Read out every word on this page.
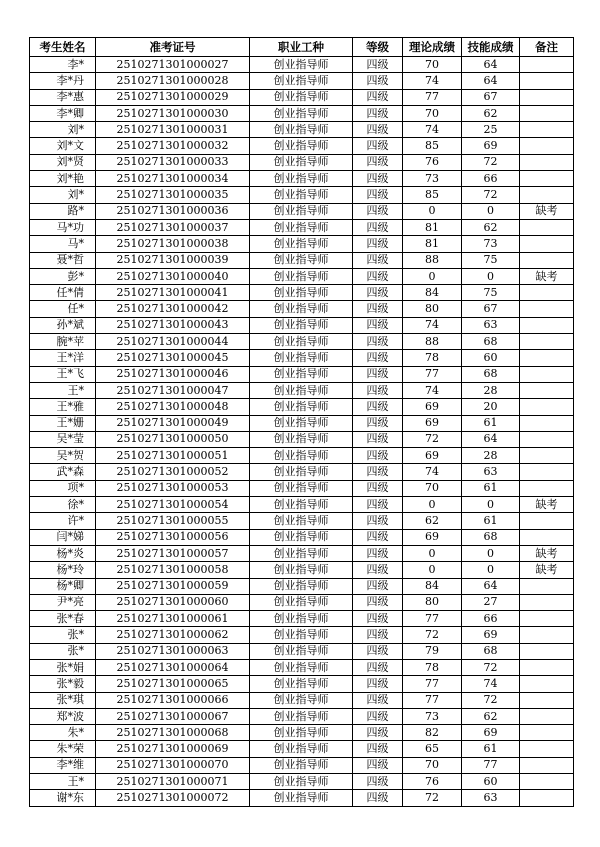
考生姓名	准考证号	职业工种	等级	理论成绩	技能成绩	备注
李*	2510271301000027	创业指导师	四级	70	64	
李*丹	2510271301000028	创业指导师	四级	74	64	
李*惠	2510271301000029	创业指导师	四级	77	67	
李*卿	2510271301000030	创业指导师	四级	70	62	
刘*	2510271301000031	创业指导师	四级	74	25	
刘*文	2510271301000032	创业指导师	四级	85	69	
刘*贤	2510271301000033	创业指导师	四级	76	72	
刘*艳	2510271301000034	创业指导师	四级	73	66	
刘*	2510271301000035	创业指导师	四级	85	72	
路*	2510271301000036	创业指导师	四级	0	0	缺考
马*功	2510271301000037	创业指导师	四级	81	62	
马*	2510271301000038	创业指导师	四级	81	73	
聂*哲	2510271301000039	创业指导师	四级	88	75	
彭*	2510271301000040	创业指导师	四级	0	0	缺考
任*倩	2510271301000041	创业指导师	四级	84	75	
任*	2510271301000042	创业指导师	四级	80	67	
孙*斌	2510271301000043	创业指导师	四级	74	63	
腕*苹	2510271301000044	创业指导师	四级	88	68	
王*洋	2510271301000045	创业指导师	四级	78	60	
王*飞	2510271301000046	创业指导师	四级	77	68	
王*	2510271301000047	创业指导师	四级	74	28	
王*雅	2510271301000048	创业指导师	四级	69	20	
王*姗	2510271301000049	创业指导师	四级	69	61	
吴*莹	2510271301000050	创业指导师	四级	72	64	
吴*贺	2510271301000051	创业指导师	四级	69	28	
武*森	2510271301000052	创业指导师	四级	74	63	
项*	2510271301000053	创业指导师	四级	70	61	
徐*	2510271301000054	创业指导师	四级	0	0	缺考
许*	2510271301000055	创业指导师	四级	62	61	
闫*娣	2510271301000056	创业指导师	四级	69	68	
杨*炎	2510271301000057	创业指导师	四级	0	0	缺考
杨*玲	2510271301000058	创业指导师	四级	0	0	缺考
杨*卿	2510271301000059	创业指导师	四级	84	64	
尹*亮	2510271301000060	创业指导师	四级	80	27	
张*春	2510271301000061	创业指导师	四级	77	66	
张*	2510271301000062	创业指导师	四级	72	69	
张*	2510271301000063	创业指导师	四级	79	68	
张*娟	2510271301000064	创业指导师	四级	78	72	
张*毅	2510271301000065	创业指导师	四级	77	74	
张*琪	2510271301000066	创业指导师	四级	77	72	
郑*波	2510271301000067	创业指导师	四级	73	62	
朱*	2510271301000068	创业指导师	四级	82	69	
朱*荣	2510271301000069	创业指导师	四级	65	61	
李*维	2510271301000070	创业指导师	四级	70	77	
王*	2510271301000071	创业指导师	四级	76	60	
谢*东	2510271301000072	创业指导师	四级	72	63	
